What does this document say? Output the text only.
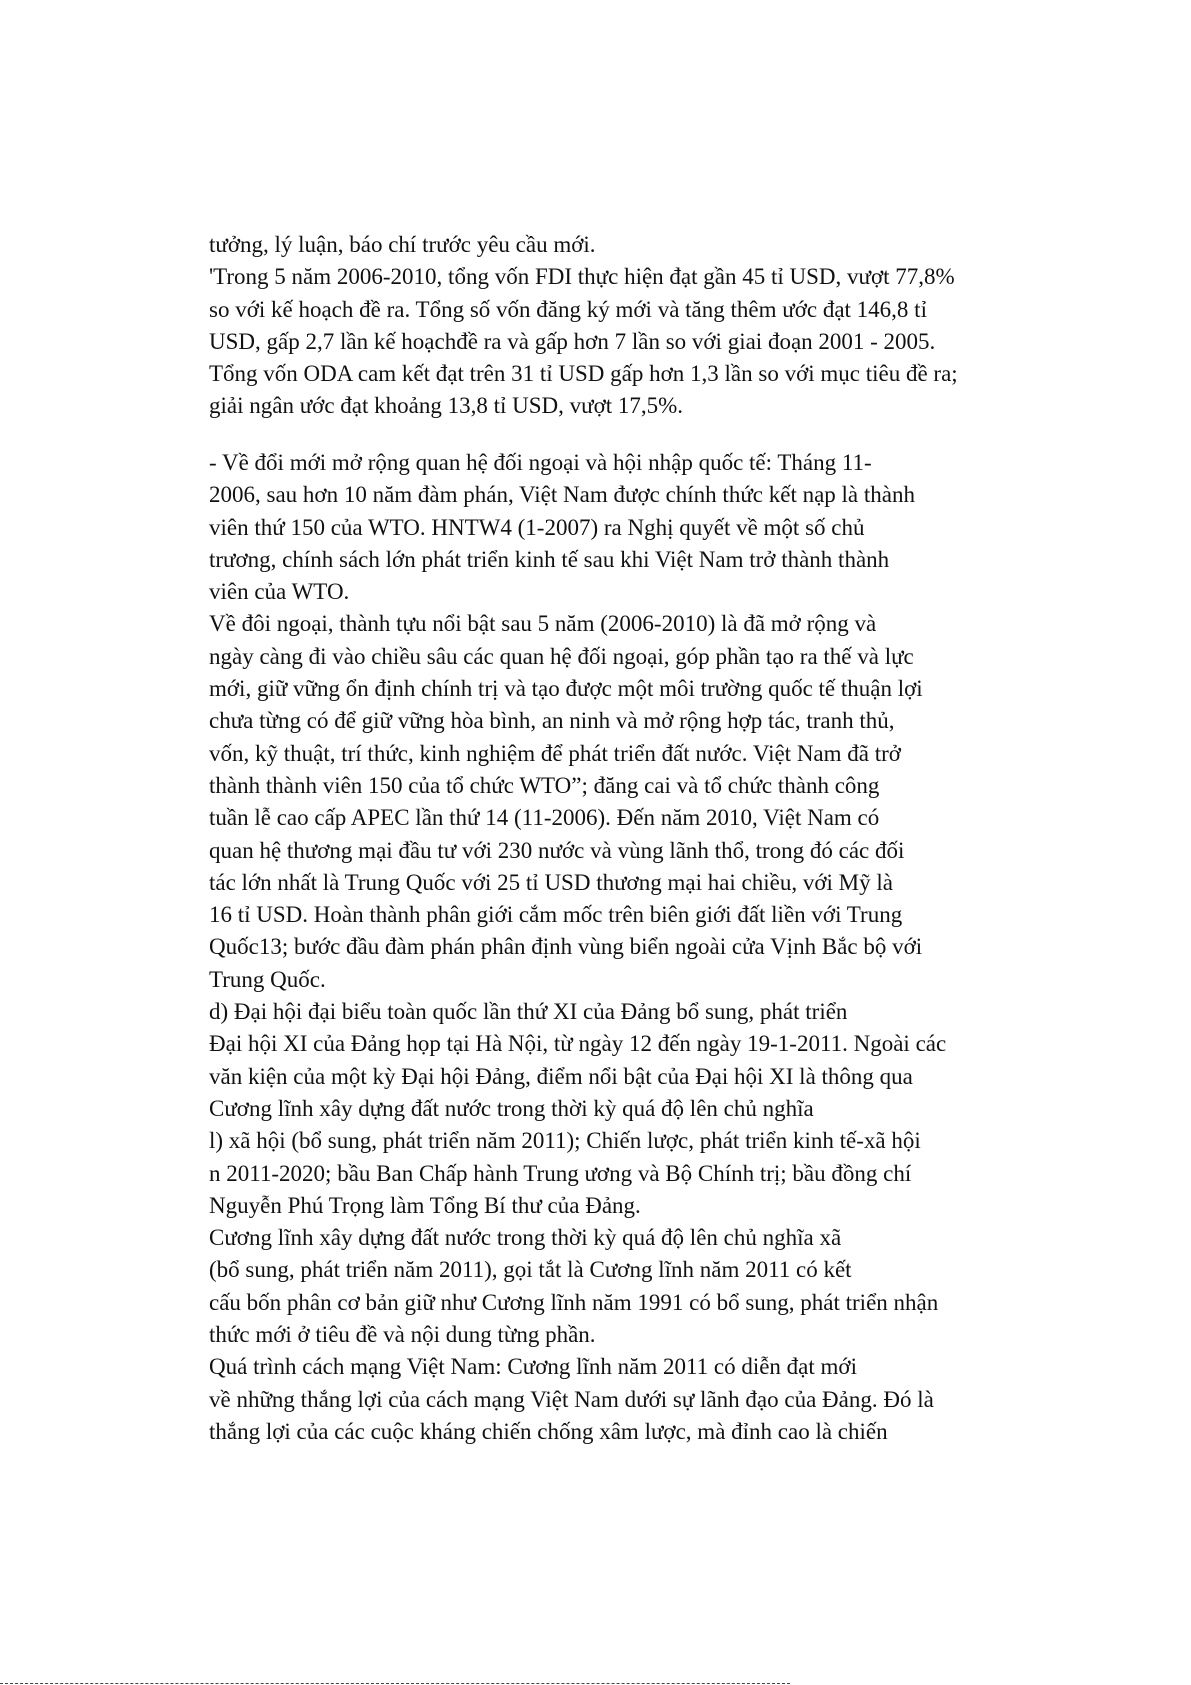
tưởng, lý luận, báo chí trước yêu cầu mới.
'Trong 5 năm 2006-2010, tổng vốn FDI thực hiện đạt gần 45 tỉ USD, vượt 77,8%
so với kế hoạch đề ra. Tổng số vốn đăng ký mới và tăng thêm ước đạt 146,8 tỉ
USD, gấp 2,7 lần kế hoạchđề ra và gấp hơn 7 lần so với giai đoạn 2001 - 2005.
Tổng vốn ODA cam kết đạt trên 31 tỉ USD gấp hơn 1,3 lần so với mục tiêu đề ra;
giải ngân ước đạt khoảng 13,8 tỉ USD, vượt 17,5%.
- Về đổi mới mở rộng quan hệ đối ngoại và hội nhập quốc tế: Tháng 11-
2006, sau hơn 10 năm đàm phán, Việt Nam được chính thức kết nạp là thành
viên thứ 150 của WTO. HNTW4 (1-2007) ra Nghị quyết về một số chủ
trương, chính sách lớn phát triển kinh tế sau khi Việt Nam trở thành thành
viên của WTO.
Về đôi ngoại, thành tựu nổi bật sau 5 năm (2006-2010) là đã mở rộng và
ngày càng đi vào chiều sâu các quan hệ đối ngoại, góp phần tạo ra thế và lực
mới, giữ vững ổn định chính trị và tạo được một môi trường quốc tế thuận lợi
chưa từng có để giữ vững hòa bình, an ninh và mở rộng hợp tác, tranh thủ,
vốn, kỹ thuật, trí thức, kinh nghiệm để phát triển đất nước. Việt Nam đã trở
thành thành viên 150 của tổ chức WTO”; đăng cai và tổ chức thành công
tuần lễ cao cấp APEC lần thứ 14 (11-2006). Đến năm 2010, Việt Nam có
quan hệ thương mại đầu tư với 230 nước và vùng lãnh thổ, trong đó các đối
tác lớn nhất là Trung Quốc với 25 tỉ USD thương mại hai chiều, với Mỹ là
16 tỉ USD. Hoàn thành phân giới cắm mốc trên biên giới đất liền với Trung
Quốc13; bước đầu đàm phán phân định vùng biển ngoài cửa Vịnh Bắc bộ với
Trung Quốc.
d) Đại hội đại biểu toàn quốc lần thứ XI của Đảng bổ sung, phát triển
Đại hội XI của Đảng họp tại Hà Nội, từ ngày 12 đến ngày 19-1-2011. Ngoài các
văn kiện của một kỳ Đại hội Đảng, điểm nổi bật của Đại hội XI là thông qua
Cương lĩnh xây dựng đất nước trong thời kỳ quá độ lên chủ nghĩa
l) xã hội (bổ sung, phát triển năm 2011); Chiến lược, phát triển kinh tế-xã hội
n 2011-2020; bầu Ban Chấp hành Trung ương và Bộ Chính trị; bầu đồng chí
Nguyễn Phú Trọng làm Tổng Bí thư của Đảng.
Cương lĩnh xây dựng đất nước trong thời kỳ quá độ lên chủ nghĩa xã
(bổ sung, phát triển năm 2011), gọi tắt là Cương lĩnh năm 2011 có kết
cấu bốn phân cơ bản giữ như Cương lĩnh năm 1991 có bổ sung, phát triển nhận
thức mới ở tiêu đề và nội dung từng phần.
Quá trình cách mạng Việt Nam: Cương lĩnh năm 2011 có diễn đạt mới
về những thắng lợi của cách mạng Việt Nam dưới sự lãnh đạo của Đảng. Đó là
thắng lợi của các cuộc kháng chiến chống xâm lược, mà đỉnh cao là chiến
